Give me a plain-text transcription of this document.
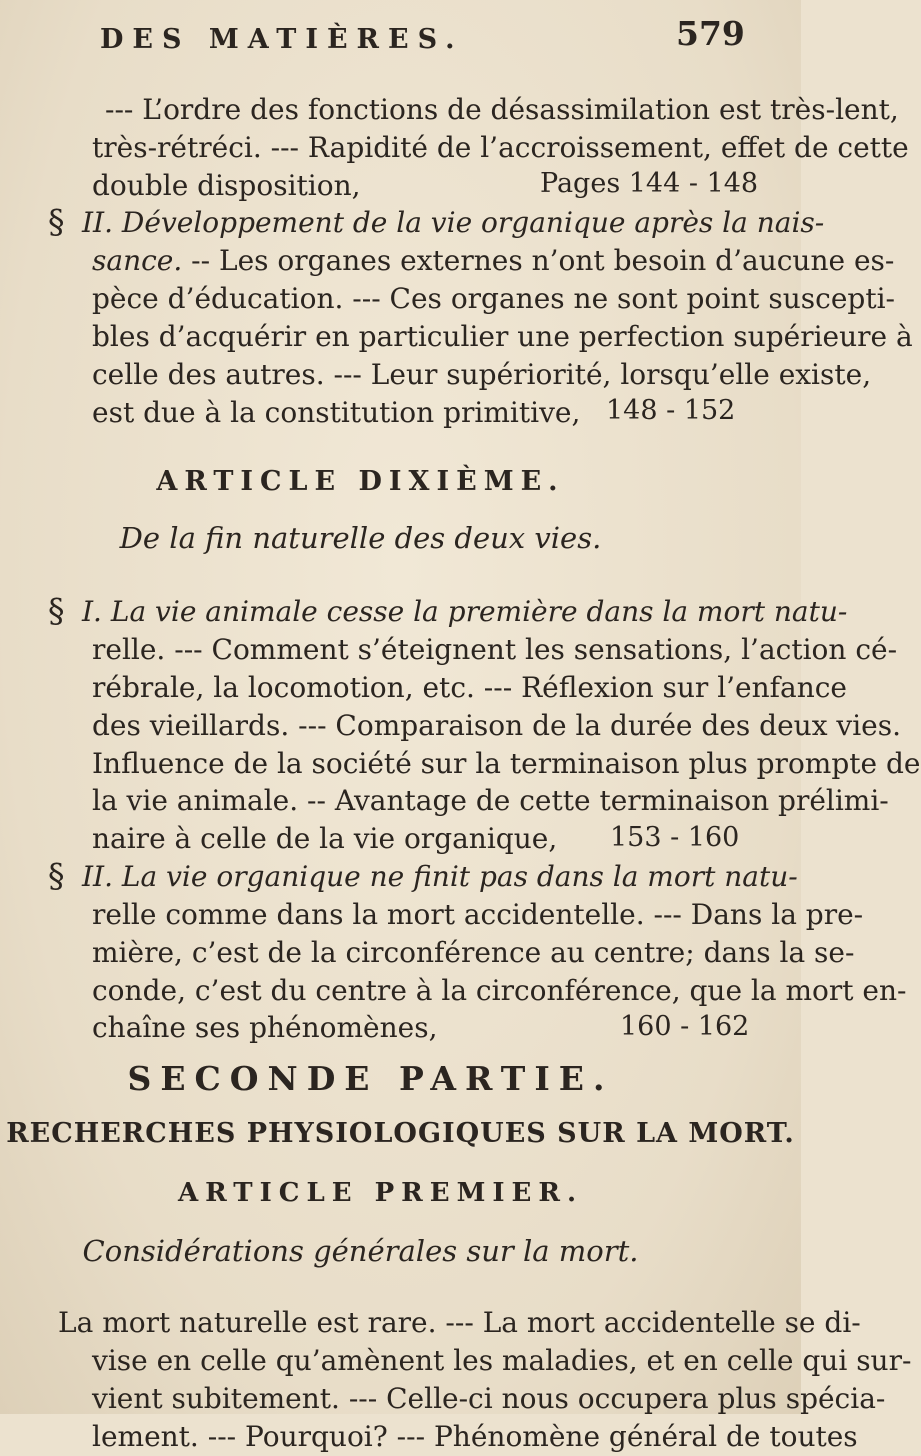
DES MATIÈRES.	579
--- L’ordre des fonctions de désassimilation est très-lent,
très-rétréci. --- Rapidité de l’accroissement, effet de cette
double disposition,	Pages 144 - 148
§ II. Développement de la vie organique après la nais-
sance. -- Les organes externes n’ont besoin d’aucune es-
pèce d’éducation. --- Ces organes ne sont point suscepti-
bles d’acquérir en particulier une perfection supérieure à
celle des autres. --- Leur supériorité, lorsqu’elle existe,
est due à la constitution primitive, 148 - 152
ARTICLE DIXIÈME.
De la fin naturelle des deux vies.
§ I. La vie animale cesse la première dans la mort natu-
relle. --- Comment s’éteignent les sensations, l’action cé-
rébrale, la locomotion, etc. --- Réflexion sur l’enfance
des vieillards. --- Comparaison de la durée des deux vies.
Influence de la société sur la terminaison plus prompte de
la vie animale. -- Avantage de cette terminaison prélimi-
naire à celle de la vie organique, 153 - 160
§ II. La vie organique ne finit pas dans la mort natu-
relle comme dans la mort accidentelle. --- Dans la pre-
mière, c’est de la circonférence au centre; dans la se-
conde, c’est du centre à la circonférence, que la mort en-
chaîne ses phénomènes,	160 - 162
SECONDE PARTIE.
RECHERCHES PHYSIOLOGIQUES SUR LA MORT.
ARTICLE PREMIER.
Considérations générales sur la mort.
La mort naturelle est rare. --- La mort accidentelle se di-
vise en celle qu’amènent les maladies, et en celle qui sur-
vient subitement. --- Celle-ci nous occupera plus spécia-
lement. --- Pourquoi? --- Phénomène général de toutes
